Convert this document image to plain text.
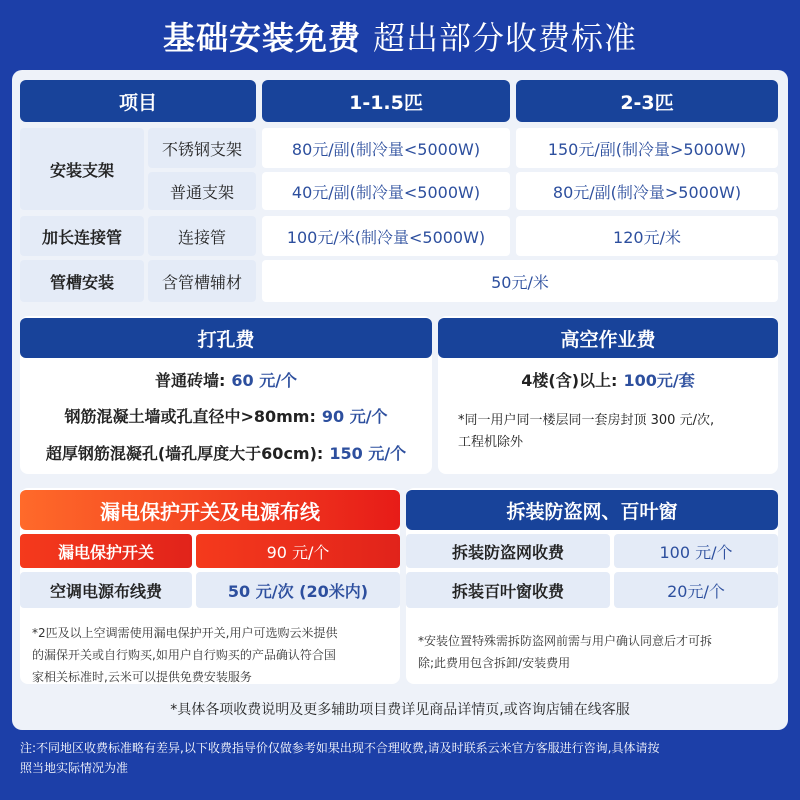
基础安装免费 超出部分收费标准
项目	1-1.5匹	2-3匹
安装支架
不锈钢支架	80元/副(制冷量<5000W)	150元/副(制冷量>5000W)
普通支架	40元/副(制冷量<5000W)	80元/副(制冷量>5000W)
加长连接管	连接管	100元/米(制冷量<5000W)	120元/米
管槽安装	含管槽辅材	50元/米
打孔费
普通砖墙: 60 元/个
钢筋混凝土墙或孔直径中>80mm: 90 元/个
超厚钢筋混凝孔(墙孔厚度大于60cm): 150 元/个
高空作业费
4楼(含)以上: 100元/套
*同一用户同一楼层同一套房封顶 300 元/次,
工程机除外
漏电保护开关及电源布线
漏电保护开关	90 元/个
空调电源布线费	50 元/次 (20米内)
*2匹及以上空调需使用漏电保护开关,用户可选购云米提供
的漏保开关或自行购买,如用户自行购买的产品确认符合国
家相关标准时,云米可以提供免费安装服务
拆装防盗网、百叶窗
拆装防盗网收费	100 元/个
拆装百叶窗收费	20元/个
*安装位置特殊需拆防盗网前需与用户确认同意后才可拆
除;此费用包含拆卸/安装费用
*具体各项收费说明及更多辅助项目费详见商品详情页,或咨询店铺在线客服
注:不同地区收费标准略有差异,以下收费指导价仅做参考如果出现不合理收费,请及时联系云米官方客服进行咨询,具体请按
照当地实际情况为准
